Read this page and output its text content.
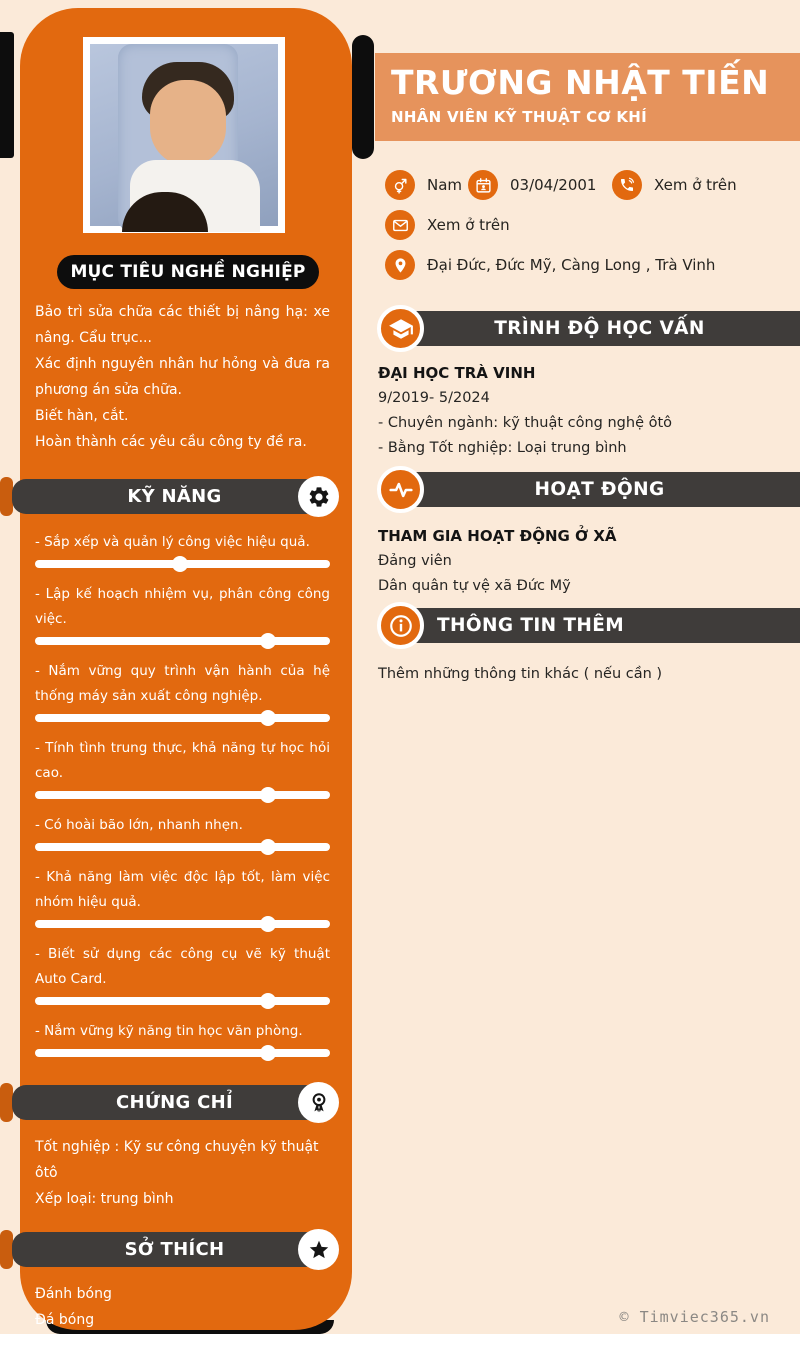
MỤC TIÊU NGHỀ NGHIỆP

Bảo trì sửa chữa các thiết bị nâng hạ: xe nâng. Cẩu trục...

Xác định nguyên nhân hư hỏng và đưa ra phương án sửa chữa.

Biết hàn, cắt.

Hoàn thành các yêu cầu công ty đề ra.

KỸ NĂNG
- Sắp xếp và quản lý công việc hiệu quả.
- Lập kế hoạch nhiệm vụ, phân công công việc.
- Nắm vững quy trình vận hành của hệ thống máy sản xuất công nghiệp.
- Tính tình trung thực, khả năng tự học hỏi cao.
- Có hoài bão lớn, nhanh nhẹn.
- Khả năng làm việc độc lập tốt, làm việc nhóm hiệu quả.
- Biết sử dụng các công cụ vẽ kỹ thuật Auto Card.
- Nắm vững kỹ năng tin học văn phòng.
CHỨNG CHỈ

Tốt nghiệp : Kỹ sư công chuyện kỹ thuật ôtô

Xếp loại: trung bình

SỞ THÍCH

Đánh bóng

Đá bóng

Tìm tồi học hỏi

TRƯƠNG NHẬT TIẾN
NHÂN VIÊN KỸ THUẬT CƠ KHÍ
Nam	03/04/2001	Xem ở trên
Xem ở trên
Đại Đức, Đức Mỹ, Càng Long , Trà Vinh
TRÌNH ĐỘ HỌC VẤN

ĐẠI HỌC TRÀ VINH

9/2019- 5/2024

- Chuyên ngành: kỹ thuật công nghệ ôtô

- Bằng Tốt nghiệp: Loại trung bình

HOẠT ĐỘNG

THAM GIA HOẠT ĐỘNG Ở XÃ

Đảng viên

Dân quân tự vệ xã Đức Mỹ

THÔNG TIN THÊM

Thêm những thông tin khác ( nếu cần )

© Timviec365.vn
